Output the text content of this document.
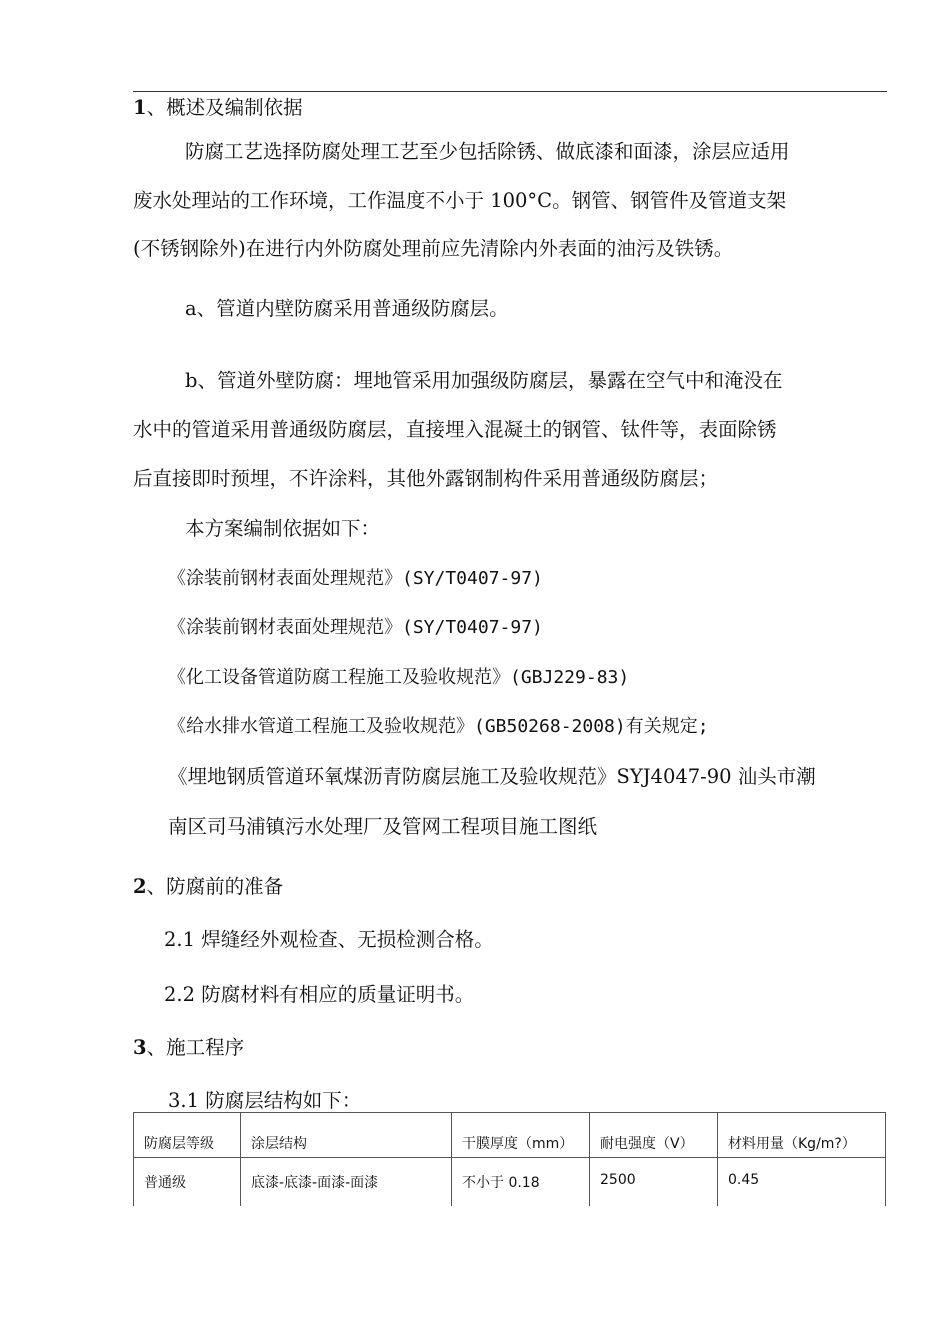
1、概述及编制依据
防腐工艺选择防腐处理工艺至少包括除锈、做底漆和面漆，涂层应适用
废水处理站的工作环境，工作温度不小于 100°C。钢管、钢管件及管道支架
(不锈钢除外)在进行内外防腐处理前应先清除内外表面的油污及铁锈。
a、管道内壁防腐采用普通级防腐层。
b、管道外壁防腐：埋地管采用加强级防腐层，暴露在空气中和淹没在
水中的管道采用普通级防腐层，直接埋入混凝土的钢管、钛件等，表面除锈
后直接即时预埋，不许涂料，其他外露钢制构件采用普通级防腐层；
本方案编制依据如下：
《涂装前钢材表面处理规范》(SY/T0407-97)
《涂装前钢材表面处理规范》(SY/T0407-97)
《化工设备管道防腐工程施工及验收规范》(GBJ229-83)
《给水排水管道工程施工及验收规范》(GB50268-2008)有关规定;
《埋地钢质管道环氧煤沥青防腐层施工及验收规范》SYJ4047-90 汕头市潮
南区司马浦镇污水处理厂及管网工程项目施工图纸
2、防腐前的准备
2.1 焊缝经外观检查、无损检测合格。
2.2 防腐材料有相应的质量证明书。
3、施工程序
3.1 防腐层结构如下：
防腐层等级	涂层结构	干膜厚度（mm）	耐电强度（V）	材料用量（Kg/m?）
普通级	底漆-底漆-面漆-面漆	不小于 0.18	2500	0.45
